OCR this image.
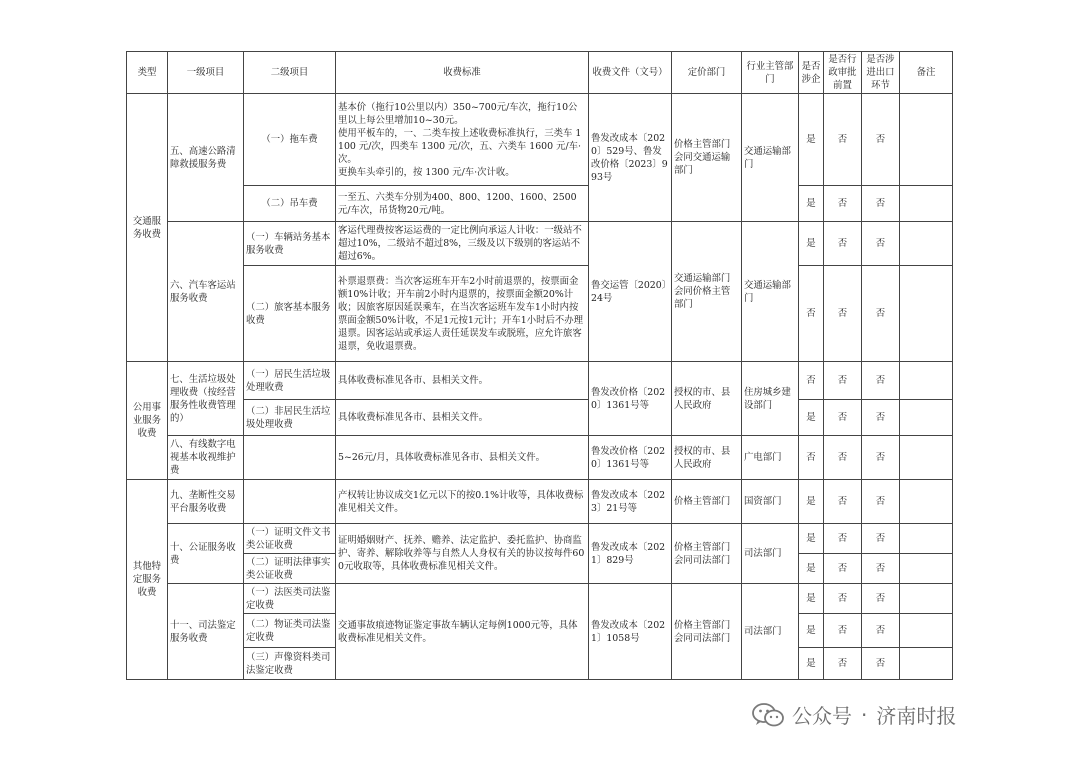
类型	一级项目	二级项目	收费标准	收费文件（文号）	定价部门	行业主管部门	是否涉企	是否行政审批前置	是否涉进出口环节	备注
交通服务收费	五、高速公路清障救援服务费	（一）拖车费	基本价（拖行10公里以内）350~700元/车次，拖行10公里以上每公里增加10~30元。
使用平板车的，一、二类车按上述收费标准执行，三类车 1100 元/次，四类车 1300 元/次，五、六类车 1600 元/车·次。
更换车头牵引的，按 1300 元/车·次计收。	鲁发改成本〔2020〕529号、鲁发改价格〔2023〕993号	价格主管部门会同交通运输部门	交通运输部门	是	否	否	
		（二）吊车费	一至五、六类车分别为400、800、1200、1600、2500元/车次，吊货物20元/吨。				是	否	否	
	六、汽车客运站服务收费	（一）车辆站务基本服务收费	客运代理费按客运运费的一定比例向承运人计收：一级站不超过10%，二级站不超过8%，三级及以下级别的客运站不超过6%。	鲁交运管〔2020〕24号	交通运输部门会同价格主管部门	交通运输部门	是	否	否	
		（二）旅客基本服务收费	补票退票费：当次客运班车开车2小时前退票的，按票面金额10%计收；开车前2小时内退票的，按票面金额20%计收；因旅客原因延误乘车，在当次客运班车发车1小时内按票面金额50%计收，不足1元按1元计；开车1小时后不办理退票。因客运站或承运人责任延误发车或脱班，应允许旅客退票，免收退票费。				否	否	否	
公用事业服务收费	七、生活垃圾处理收费（按经营服务性收费管理的）	（一）居民生活垃圾处理收费	具体收费标准见各市、县相关文件。	鲁发改价格〔2020〕1361号等	授权的市、县人民政府	住房城乡建设部门	否	否	否	
		（二）非居民生活垃圾处理收费	具体收费标准见各市、县相关文件。				是	否	否	
	八、有线数字电视基本收视维护费		5~26元/月，具体收费标准见各市、县相关文件。	鲁发改价格〔2020〕1361号等	授权的市、县人民政府	广电部门	否	否	否	
其他特定服务收费	九、垄断性交易平台服务收费		产权转让协议成交1亿元以下的按0.1%计收等，具体收费标准见相关文件。	鲁发改成本〔2023〕21号等	价格主管部门	国资部门	是	否	否	
	十、公证服务收费	（一）证明文件文书类公证收费	证明婚姻财产、抚养、赡养、法定监护、委托监护、协商监护、寄养、解除收养等与自然人人身权有关的协议按每件600元收取等，具体收费标准见相关文件。	鲁发改成本〔2021〕829号	价格主管部门会同司法部门	司法部门	是	否	否	
		（二）证明法律事实类公证收费					是	否	否	
	十一、司法鉴定服务收费	（一）法医类司法鉴定收费	交通事故痕迹物证鉴定事故车辆认定每例1000元等，具体收费标准见相关文件。	鲁发改成本〔2021〕1058号	价格主管部门会同司法部门	司法部门	是	否	否	
		（二）物证类司法鉴定收费					是	否	否	
		（三）声像资料类司法鉴定收费					是	否	否	
公众号 · 济南时报
